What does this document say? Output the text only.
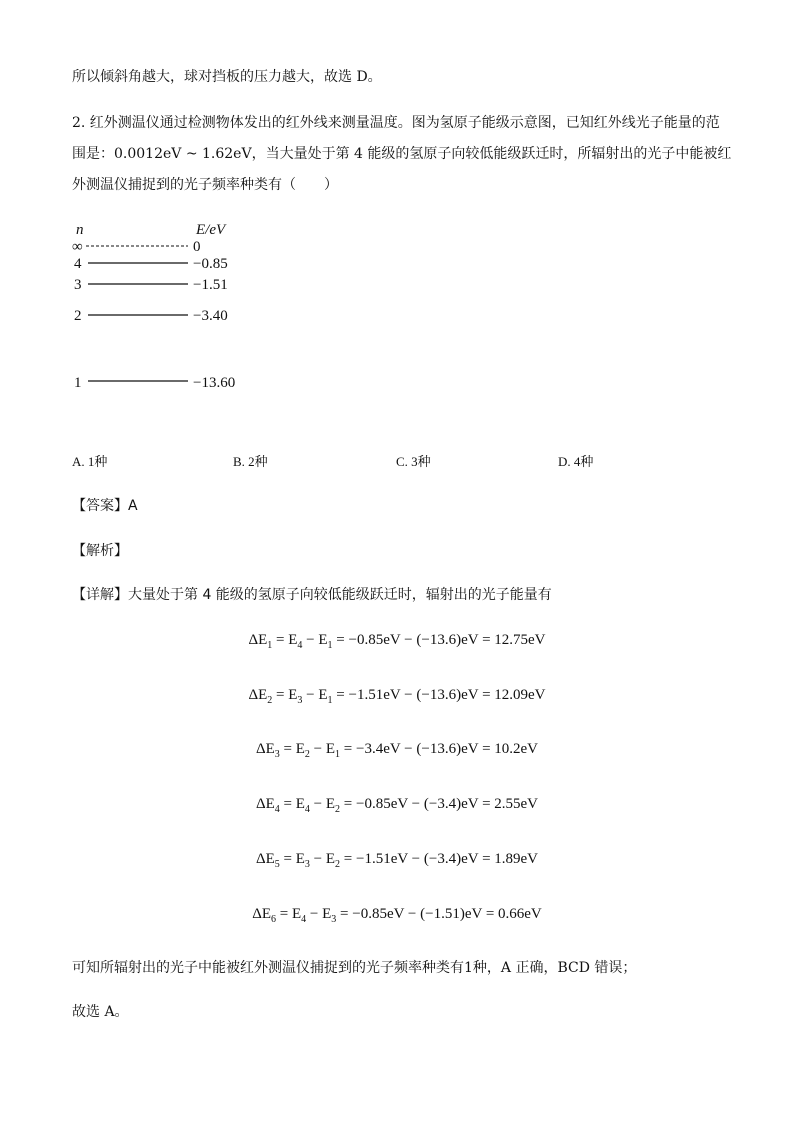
所以倾斜角越大，球对挡板的压力越大，故选 D。
2. 红外测温仪通过检测物体发出的红外线来测量温度。图为氢原子能级示意图，已知红外线光子能量的范
围是：0.0012eV ~ 1.62eV，当大量处于第 4 能级的氢原子向较低能级跃迁时，所辐射出的光子中能被红
外测温仪捕捉到的光子频率种类有（　　）
n	E/eV
∞	0
4	−0.85
3	−1.51
2	−3.40
1	−13.60
A. 1种	B. 2种	C. 3种	D. 4种
【答案】A
【解析】
【详解】大量处于第 4 能级的氢原子向较低能级跃迁时，辐射出的光子能量有
$\Delta E_1 = E_4 - E_1 = -0.85eV - (-13.6)eV = 12.75eV$
$\Delta E_2 = E_3 - E_1 = -1.51eV - (-13.6)eV = 12.09eV$
$\Delta E_3 = E_2 - E_1 = -3.4eV - (-13.6)eV = 10.2eV$
$\Delta E_4 = E_4 - E_2 = -0.85eV - (-3.4)eV = 2.55eV$
$\Delta E_5 = E_3 - E_2 = -1.51eV - (-3.4)eV = 1.89eV$
$\Delta E_6 = E_4 - E_3 = -0.85eV - (-1.51)eV = 0.66eV$
可知所辐射出的光子中能被红外测温仪捕捉到的光子频率种类有1种，A 正确，BCD 错误；
故选 A。
